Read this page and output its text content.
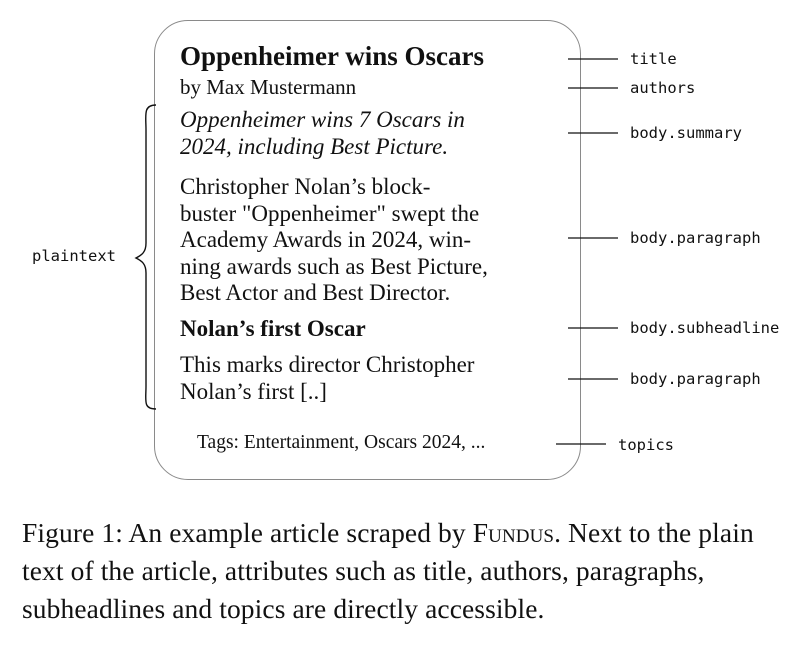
Oppenheimer wins Oscars
by Max Mustermann
Oppenheimer wins 7 Oscars in
2024, including Best Picture.
Christopher Nolan’s block-
buster "Oppenheimer" swept the
Academy Awards in 2024, win-
ning awards such as Best Picture,
Best Actor and Best Director.
Nolan’s first Oscar
This marks director Christopher
Nolan’s first [..]
Tags: Entertainment, Oscars 2024, ...
title
authors
body.summary
body.paragraph
body.subheadline
body.paragraph
topics
plaintext
Figure 1: An example article scraped by Fundus. Next to the plain text of the article, attributes such as title, authors, paragraphs, subheadlines and topics are directly accessible.
